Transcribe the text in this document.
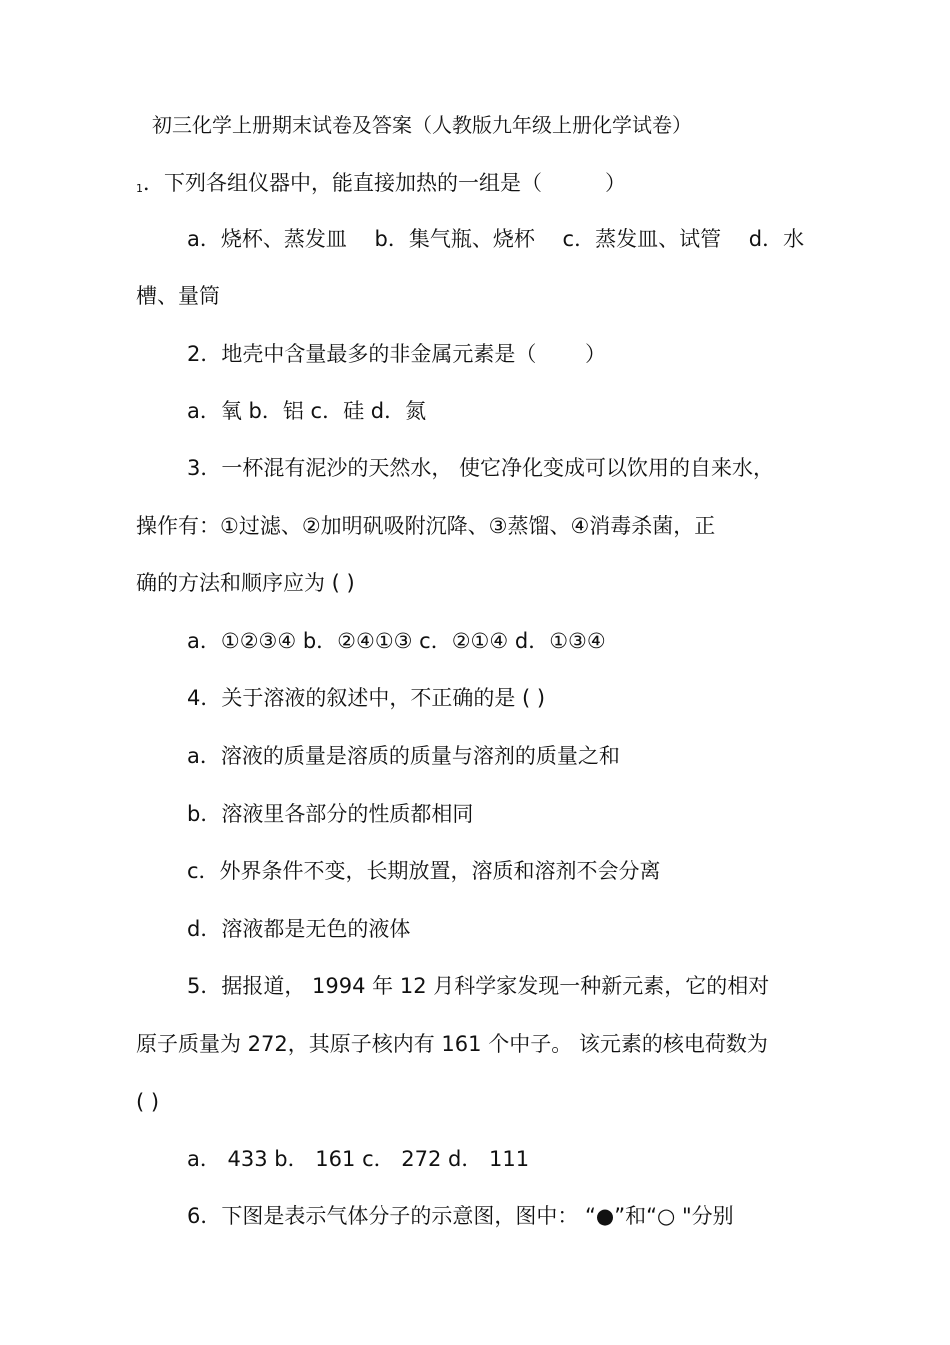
初三化学上册期末试卷及答案（人教版九年级上册化学试卷）
1．下列各组仪器中，能直接加热的一组是（　　　）
a．烧杯、蒸发皿　 b．集气瓶、烧杯　 c．蒸发皿、试管　 d．水
槽、量筒
2．地壳中含量最多的非金属元素是（　　 ）
a．氧 b．铝 c．硅 d．氮
3．一杯混有泥沙的天然水， 使它净化变成可以饮用的自来水，
操作有：①过滤、②加明矾吸附沉降、③蒸馏、④消毒杀菌，正
确的方法和顺序应为 ( )
a．①②③④ b．②④①③ c．②①④ d．①③④
4．关于溶液的叙述中，不正确的是 ( )
a．溶液的质量是溶质的质量与溶剂的质量之和
b．溶液里各部分的性质都相同
c．外界条件不变，长期放置，溶质和溶剂不会分离
d．溶液都是无色的液体
5．据报道， 1994 年 12 月科学家发现一种新元素，它的相对
原子质量为 272，其原子核内有 161 个中子。 该元素的核电荷数为
( )
a． 433 b． 161 c． 272 d． 111
6．下图是表示气体分子的示意图，图中： “●”和“○ "分别
